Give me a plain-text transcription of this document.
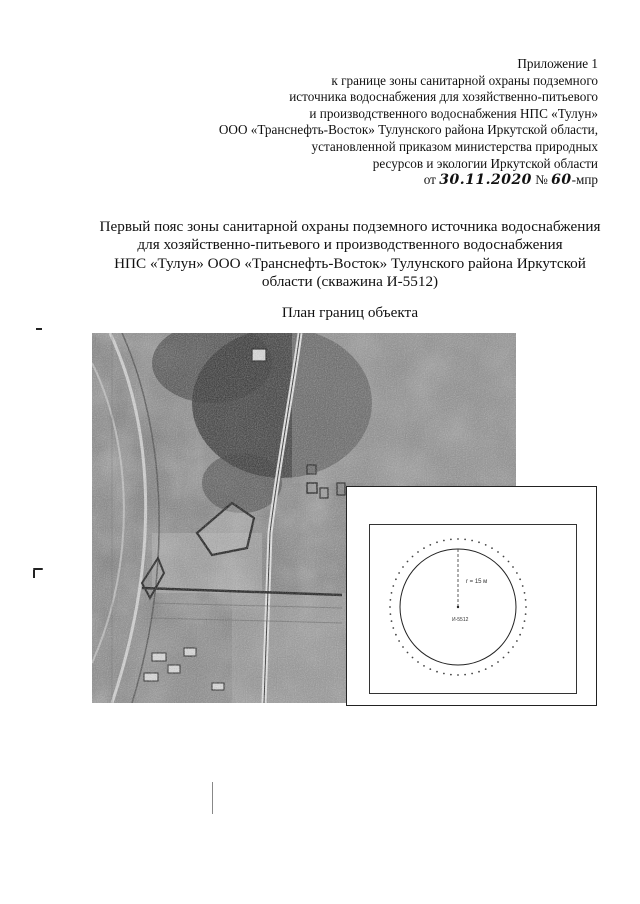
Приложение 1
к границе зоны санитарной охраны подземного
источника водоснабжения для хозяйственно-питьевого
и производственного водоснабжения НПС «Тулун»
ООО «Транснефть-Восток» Тулунского района Иркутской области,
установленной приказом министерства природных
ресурсов и экологии Иркутской области
от 30.11.2020 № 60-мпр
Первый пояс зоны санитарной охраны подземного источника водоснабжения
для хозяйственно-питьевого и производственного водоснабжения
НПС «Тулун» ООО «Транснефть-Восток» Тулунского района Иркутской
области (скважина И-5512)
План границ объекта
r = 15 м
И-5512
